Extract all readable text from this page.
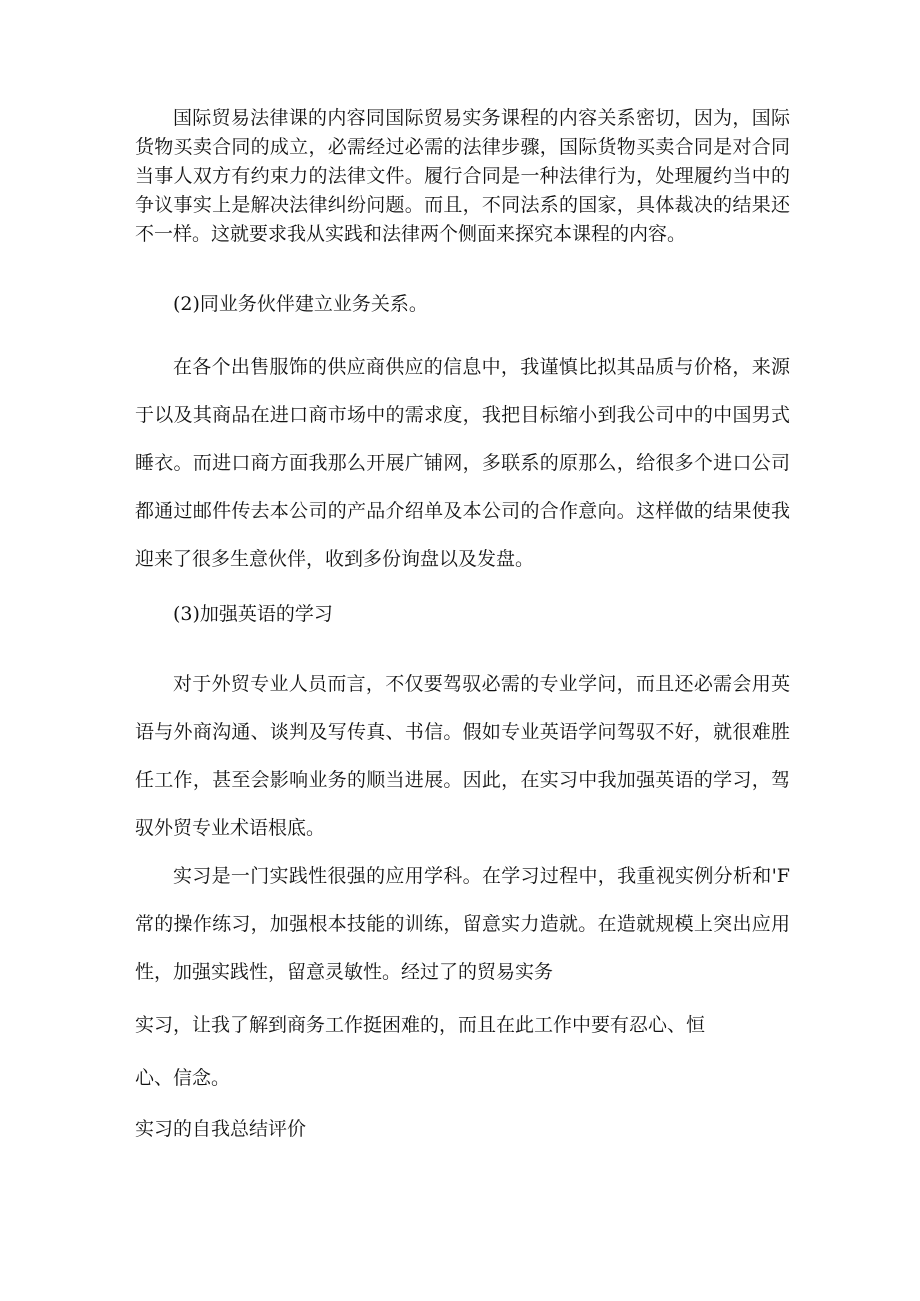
国际贸易法律课的内容同国际贸易实务课程的内容关系密切，因为，国际货物买卖合同的成立，必需经过必需的法律步骤，国际货物买卖合同是对合同当事人双方有约束力的法律文件。履行合同是一种法律行为，处理履约当中的争议事实上是解决法律纠纷问题。而且，不同法系的国家，具体裁决的结果还不一样。这就要求我从实践和法律两个侧面来探究本课程的内容。

(2)同业务伙伴建立业务关系。

在各个出售服饰的供应商供应的信息中，我谨慎比拟其品质与价格，来源于以及其商品在进口商市场中的需求度，我把目标缩小到我公司中的中国男式睡衣。而进口商方面我那么开展广铺网，多联系的原那么，给很多个进口公司都通过邮件传去本公司的产品介绍单及本公司的合作意向。这样做的结果使我迎来了很多生意伙伴，收到多份询盘以及发盘。

(3)加强英语的学习

对于外贸专业人员而言，不仅要驾驭必需的专业学问，而且还必需会用英语与外商沟通、谈判及写传真、书信。假如专业英语学问驾驭不好，就很难胜任工作，甚至会影响业务的顺当进展。因此，在实习中我加强英语的学习，驾驭外贸专业术语根底。

实习是一门实践性很强的应用学科。在学习过程中，我重视实例分析和'F常的操作练习，加强根本技能的训练，留意实力造就。在造就规模上突出应用性，加强实践性，留意灵敏性。经过了的贸易实务

实习，让我了解到商务工作挺困难的，而且在此工作中要有忍心、恒

心、信念。

实习的自我总结评价
